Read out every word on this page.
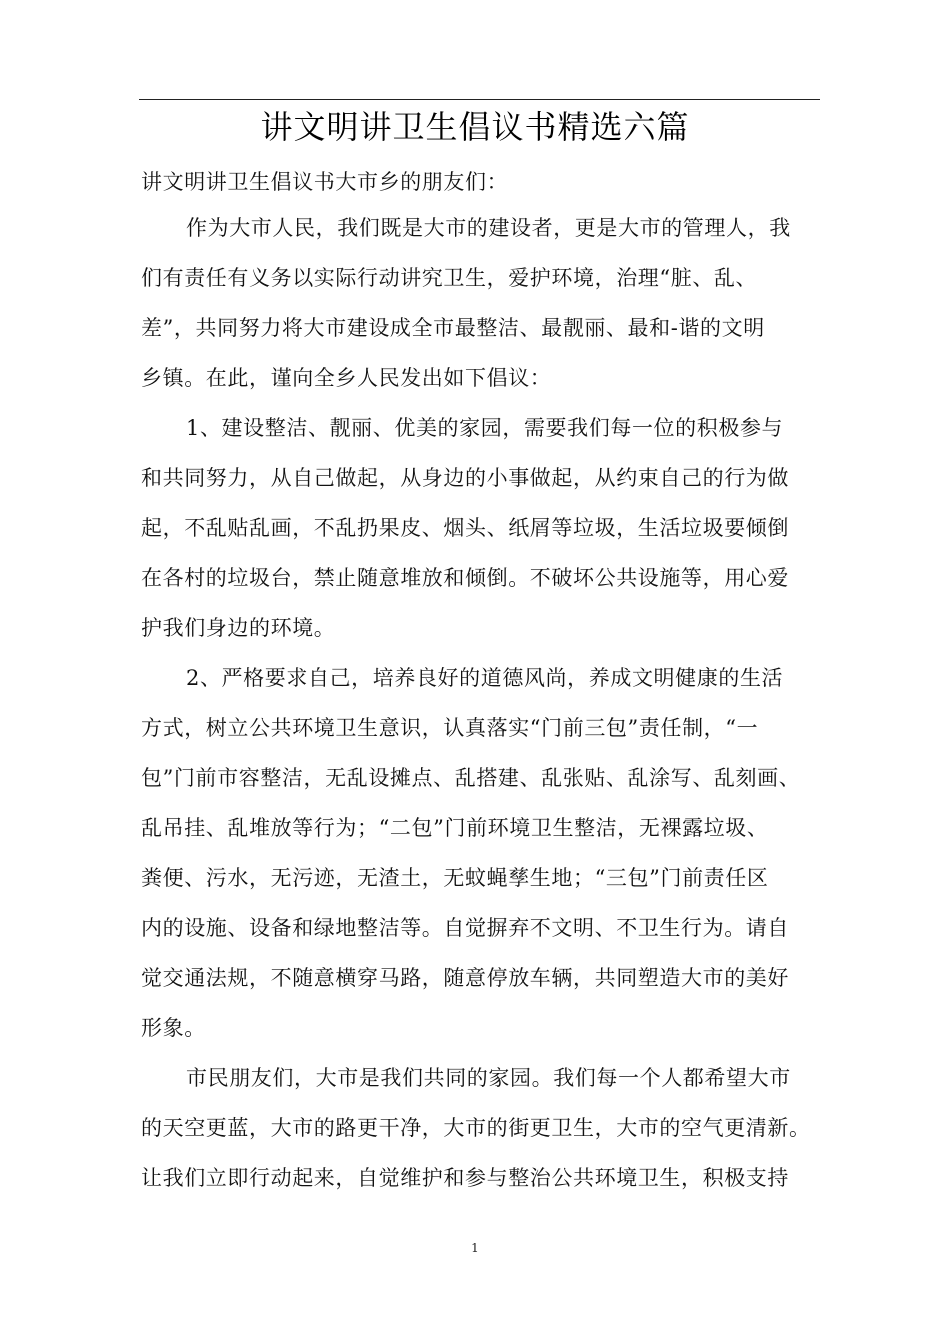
讲文明讲卫生倡议书精选六篇
讲文明讲卫生倡议书大市乡的朋友们：
作为大市人民，我们既是大市的建设者，更是大市的管理人，我
们有责任有义务以实际行动讲究卫生，爱护环境，治理“脏、乱、
差”，共同努力将大市建设成全市最整洁、最靓丽、最和-谐的文明
乡镇。在此，谨向全乡人民发出如下倡议：
1、建设整洁、靓丽、优美的家园，需要我们每一位的积极参与
和共同努力，从自己做起，从身边的小事做起，从约束自己的行为做
起，不乱贴乱画，不乱扔果皮、烟头、纸屑等垃圾，生活垃圾要倾倒
在各村的垃圾台，禁止随意堆放和倾倒。不破坏公共设施等，用心爱
护我们身边的环境。
2、严格要求自己，培养良好的道德风尚，养成文明健康的生活
方式，树立公共环境卫生意识，认真落实“门前三包”责任制，“一
包”门前市容整洁，无乱设摊点、乱搭建、乱张贴、乱涂写、乱刻画、
乱吊挂、乱堆放等行为；“二包”门前环境卫生整洁，无裸露垃圾、
粪便、污水，无污迹，无渣土，无蚊蝇孳生地；“三包”门前责任区
内的设施、设备和绿地整洁等。自觉摒弃不文明、不卫生行为。请自
觉交通法规，不随意横穿马路，随意停放车辆，共同塑造大市的美好
形象。
市民朋友们，大市是我们共同的家园。我们每一个人都希望大市
的天空更蓝，大市的路更干净，大市的街更卫生，大市的空气更清新。
让我们立即行动起来，自觉维护和参与整治公共环境卫生，积极支持
1
